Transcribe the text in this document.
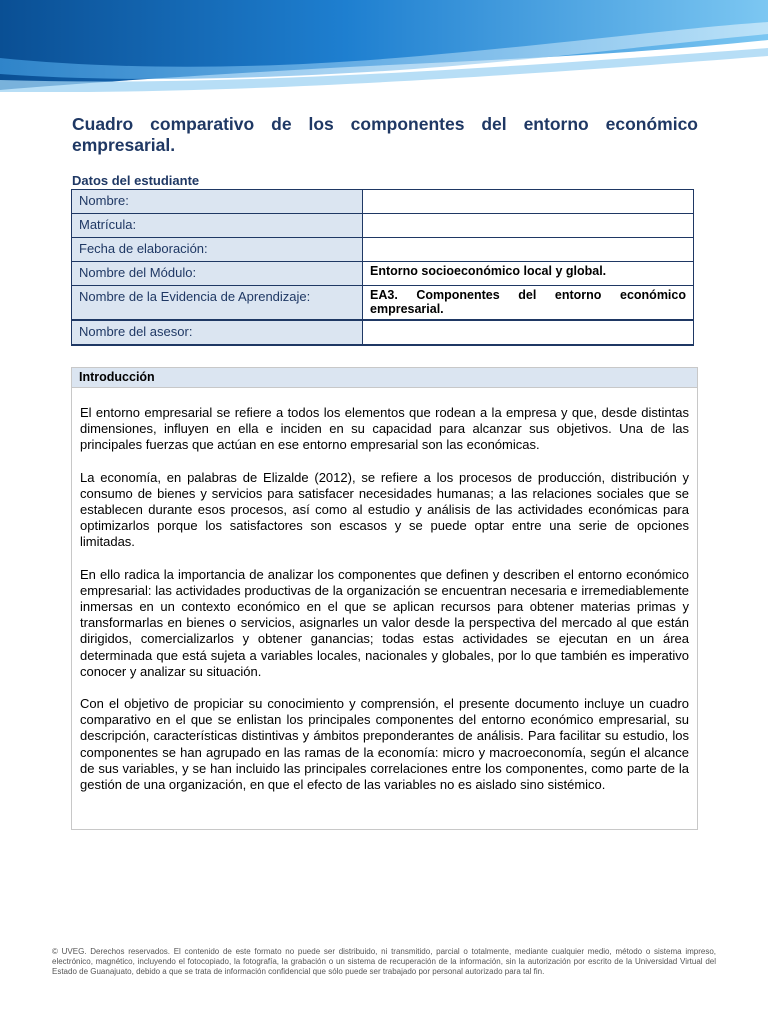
Cuadro comparativo de los componentes del entorno económico
empresarial.
Datos del estudiante
Nombre:	
Matrícula:	
Fecha de elaboración:	
Nombre del Módulo:	Entorno socioeconómico local y global.
Nombre de la Evidencia de Aprendizaje:	EA3. Componentes del entorno económico empresarial.
Nombre del asesor:	
Introducción

El entorno empresarial se refiere a todos los elementos que rodean a la empresa y que, desde distintas dimensiones, influyen en ella e inciden en su capacidad para alcanzar sus objetivos. Una de las principales fuerzas que actúan en ese entorno empresarial son las económicas.

La economía, en palabras de Elizalde (2012), se refiere a los procesos de producción, distribución y consumo de bienes y servicios para satisfacer necesidades humanas; a las relaciones sociales que se establecen durante esos procesos, así como al estudio y análisis de las actividades económicas para optimizarlos porque los satisfactores son escasos y se puede optar entre una serie de opciones limitadas.

En ello radica la importancia de analizar los componentes que definen y describen el entorno económico empresarial: las actividades productivas de la organización se encuentran necesaria e irremediablemente inmersas en un contexto económico en el que se aplican recursos para obtener materias primas y transformarlas en bienes o servicios, asignarles un valor desde la perspectiva del mercado al que están dirigidos, comercializarlos y obtener ganancias; todas estas actividades se ejecutan en un área determinada que está sujeta a variables locales, nacionales y globales, por lo que también es imperativo conocer y analizar su situación.

Con el objetivo de propiciar su conocimiento y comprensión, el presente documento incluye un cuadro comparativo en el que se enlistan los principales componentes del entorno económico empresarial, su descripción, características distintivas y ámbitos preponderantes de análisis. Para facilitar su estudio, los componentes se han agrupado en las ramas de la economía: micro y macroeconomía, según el alcance de sus variables, y se han incluido las principales correlaciones entre los componentes, como parte de la gestión de una organización, en que el efecto de las variables no es aislado sino sistémico.

© UVEG. Derechos reservados. El contenido de este formato no puede ser distribuido, ni transmitido, parcial o totalmente, mediante cualquier medio, método o sistema impreso, electrónico, magnético, incluyendo el fotocopiado, la fotografía, la grabación o un sistema de recuperación de la información, sin la autorización por escrito de la Universidad Virtual del Estado de Guanajuato, debido a que se trata de información confidencial que sólo puede ser trabajado por personal autorizado para tal fin.
